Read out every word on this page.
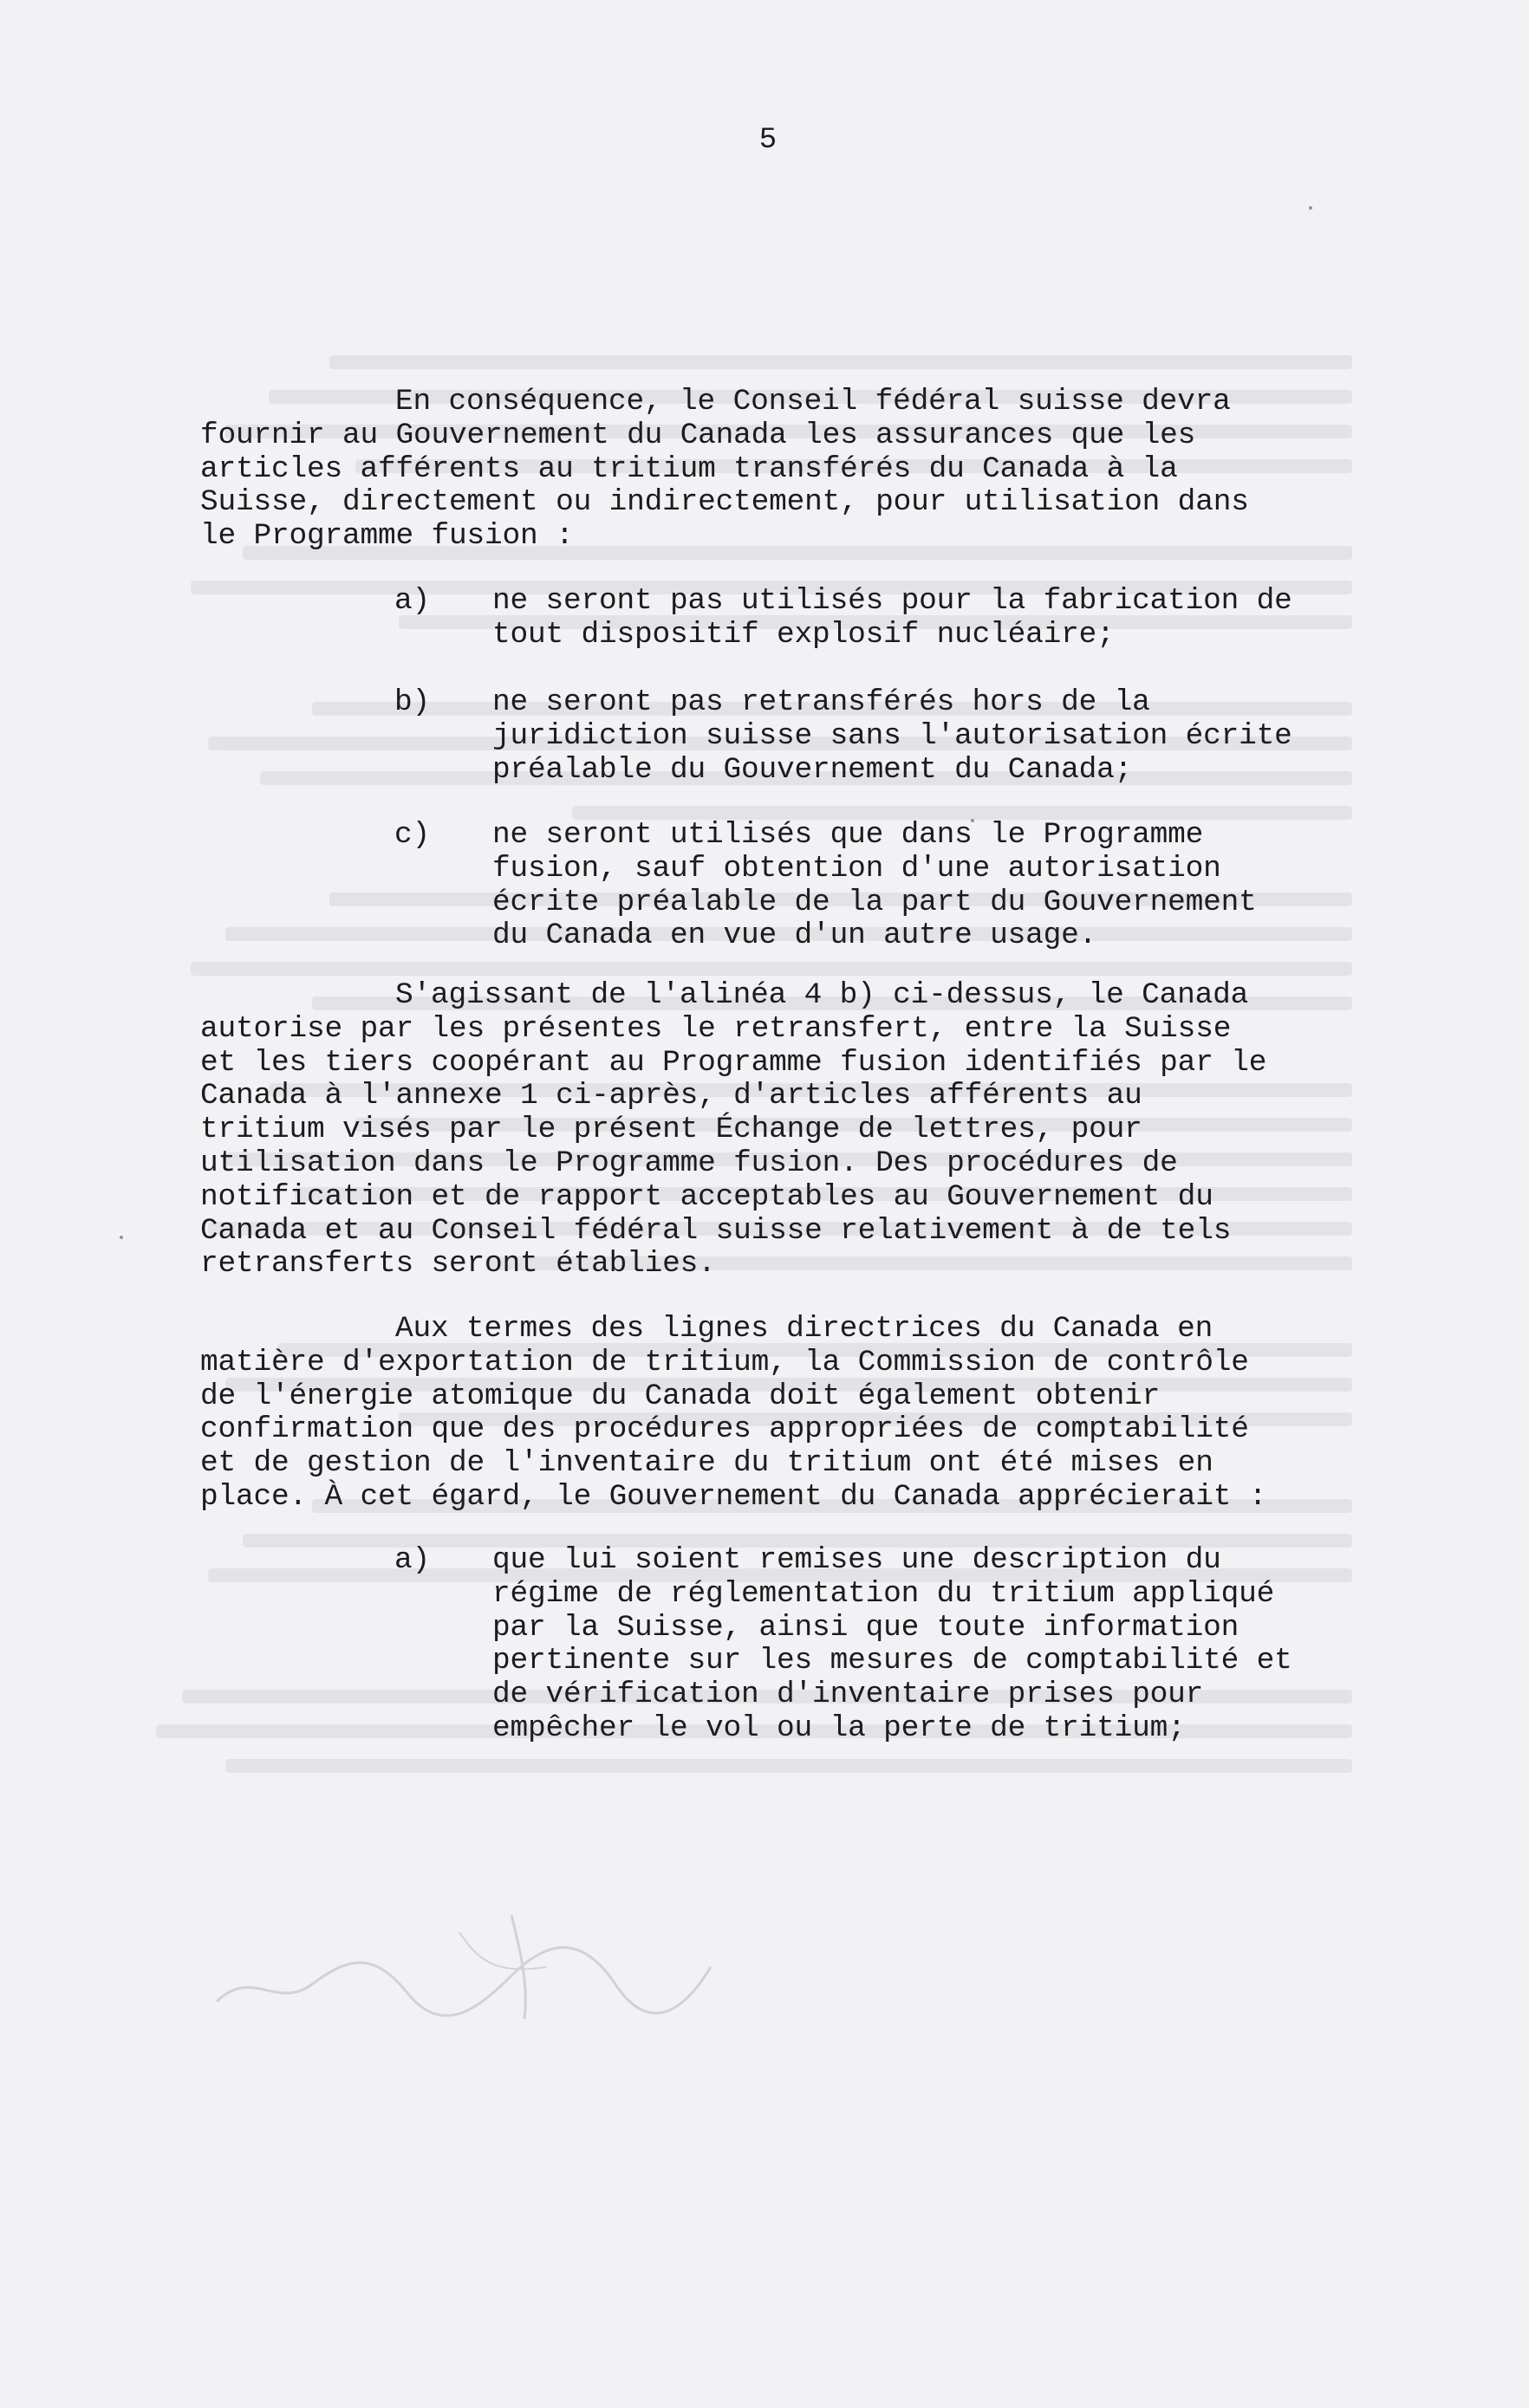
5
En conséquence, le Conseil fédéral suisse devra
fournir au Gouvernement du Canada les assurances que les
articles afférents au tritium transférés du Canada à la
Suisse, directement ou indirectement, pour utilisation dans
le Programme fusion :
a) ne seront pas utilisés pour la fabrication de
tout dispositif explosif nucléaire;
b) ne seront pas retransférés hors de la
juridiction suisse sans l'autorisation écrite
préalable du Gouvernement du Canada;
c) ne seront utilisés que dans le Programme
fusion, sauf obtention d'une autorisation
écrite préalable de la part du Gouvernement
du Canada en vue d'un autre usage.
S'agissant de l'alinéa 4 b) ci-dessus, le Canada
autorise par les présentes le retransfert, entre la Suisse
et les tiers coopérant au Programme fusion identifiés par le
Canada à l'annexe 1 ci-après, d'articles afférents au
tritium visés par le présent Échange de lettres, pour
utilisation dans le Programme fusion. Des procédures de
notification et de rapport acceptables au Gouvernement du
Canada et au Conseil fédéral suisse relativement à de tels
retransferts seront établies.
Aux termes des lignes directrices du Canada en
matière d'exportation de tritium, la Commission de contrôle
de l'énergie atomique du Canada doit également obtenir
confirmation que des procédures appropriées de comptabilité
et de gestion de l'inventaire du tritium ont été mises en
place. À cet égard, le Gouvernement du Canada apprécierait :
a) que lui soient remises une description du
régime de réglementation du tritium appliqué
par la Suisse, ainsi que toute information
pertinente sur les mesures de comptabilité et
de vérification d'inventaire prises pour
empêcher le vol ou la perte de tritium;
